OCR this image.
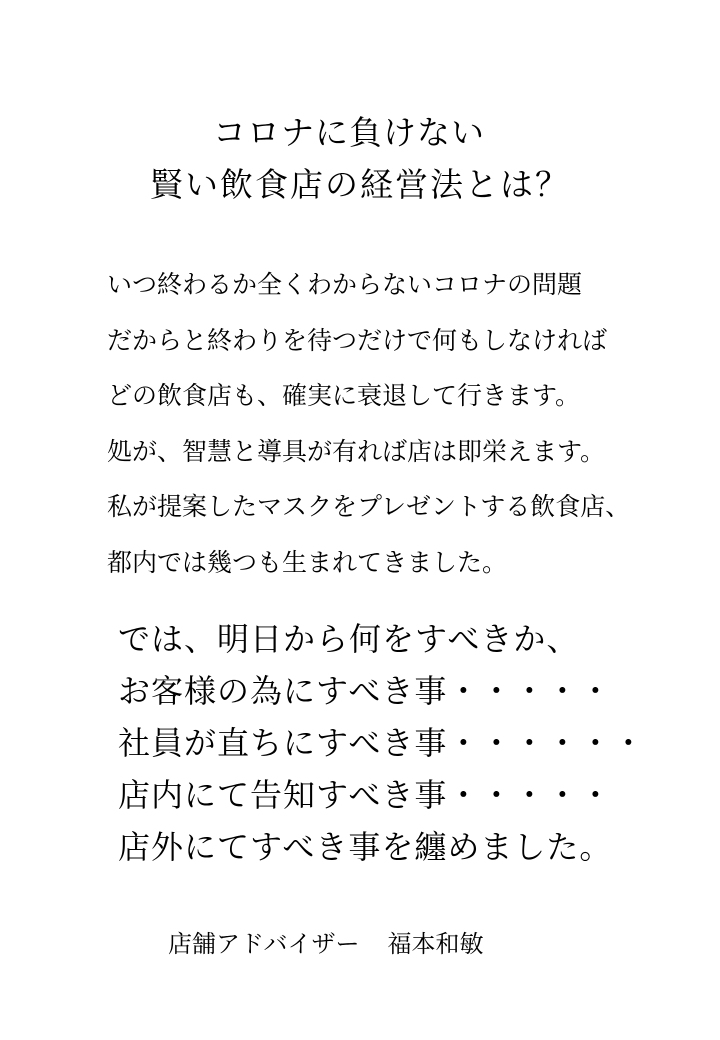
コロナに負けない
賢い飲食店の経営法とは？
いつ終わるか全くわからないコロナの問題
だからと終わりを待つだけで何もしなければ
どの飲食店も、確実に衰退して行きます。
処が、智慧と導具が有れば店は即栄えます。
私が提案したマスクをプレゼントする飲食店、
都内では幾つも生まれてきました。
では、明日から何をすべきか、
お客様の為にすべき事・・・・・
社員が直ちにすべき事・・・・・・
店内にて告知すべき事・・・・・
店外にてすべき事を纏めました。
店舗アドバイザー 福本和敏
